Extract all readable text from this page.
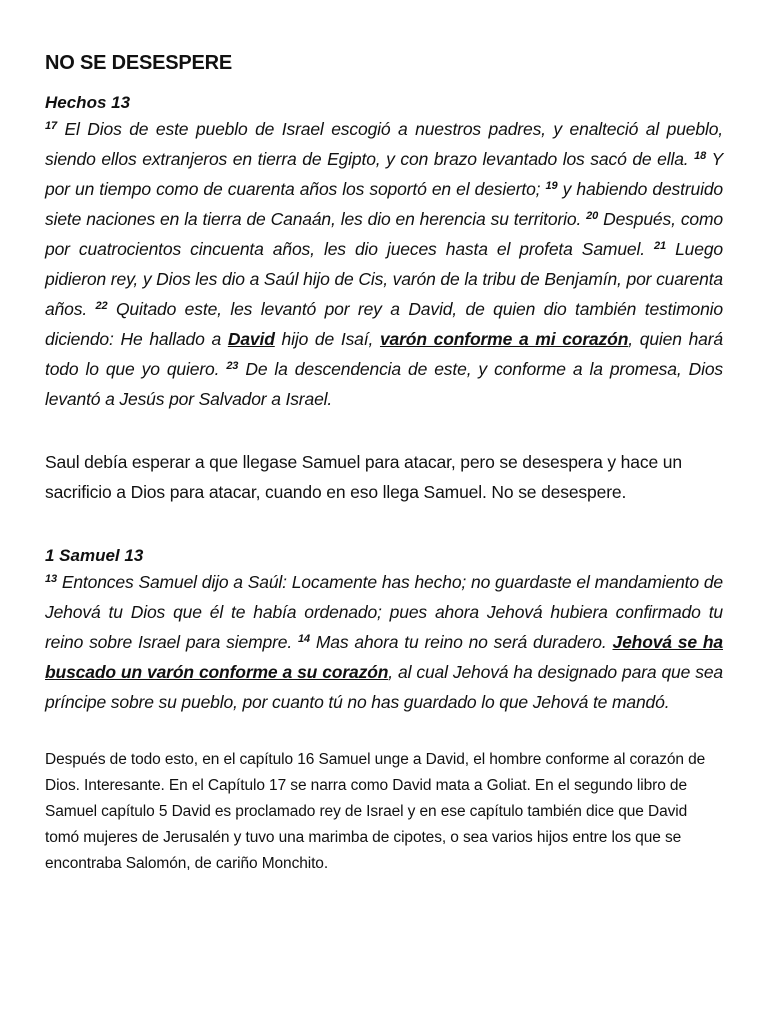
NO SE DESESPERE
Hechos 13

$^{17}$ El Dios de este pueblo de Israel escogió a nuestros padres, y enalteció al pueblo, siendo ellos extranjeros en tierra de Egipto, y con brazo levantado los sacó de ella. $^{18}$ Y por un tiempo como de cuarenta años los soportó en el desierto; $^{19}$ y habiendo destruido siete naciones en la tierra de Canaán, les dio en herencia su territorio. $^{20}$ Después, como por cuatrocientos cincuenta años, les dio jueces hasta el profeta Samuel. $^{21}$ Luego pidieron rey, y Dios les dio a Saúl hijo de Cis, varón de la tribu de Benjamín, por cuarenta años. $^{22}$ Quitado este, les levantó por rey a David, de quien dio también testimonio diciendo: He hallado a David hijo de Isaí, varón conforme a mi corazón, quien hará todo lo que yo quiero. $^{23}$ De la descendencia de este, y conforme a la promesa, Dios levantó a Jesús por Salvador a Israel.

Saul debía esperar a que llegase Samuel para atacar, pero se desespera y hace un sacrificio a Dios para atacar, cuando en eso llega Samuel. No se desespere.

1 Samuel 13

$^{13}$ Entonces Samuel dijo a Saúl: Locamente has hecho; no guardaste el mandamiento de Jehová tu Dios que él te había ordenado; pues ahora Jehová hubiera confirmado tu reino sobre Israel para siempre. $^{14}$ Mas ahora tu reino no será duradero. Jehová se ha buscado un varón conforme a su corazón, al cual Jehová ha designado para que sea príncipe sobre su pueblo, por cuanto tú no has guardado lo que Jehová te mandó.

Después de todo esto, en el capítulo 16 Samuel unge a David, el hombre conforme al corazón de Dios. Interesante. En el Capítulo 17 se narra como David mata a Goliat. En el segundo libro de Samuel capítulo 5 David es proclamado rey de Israel y en ese capítulo también dice que David tomó mujeres de Jerusalén y tuvo una marimba de cipotes, o sea varios hijos entre los que se encontraba Salomón, de cariño Monchito.
